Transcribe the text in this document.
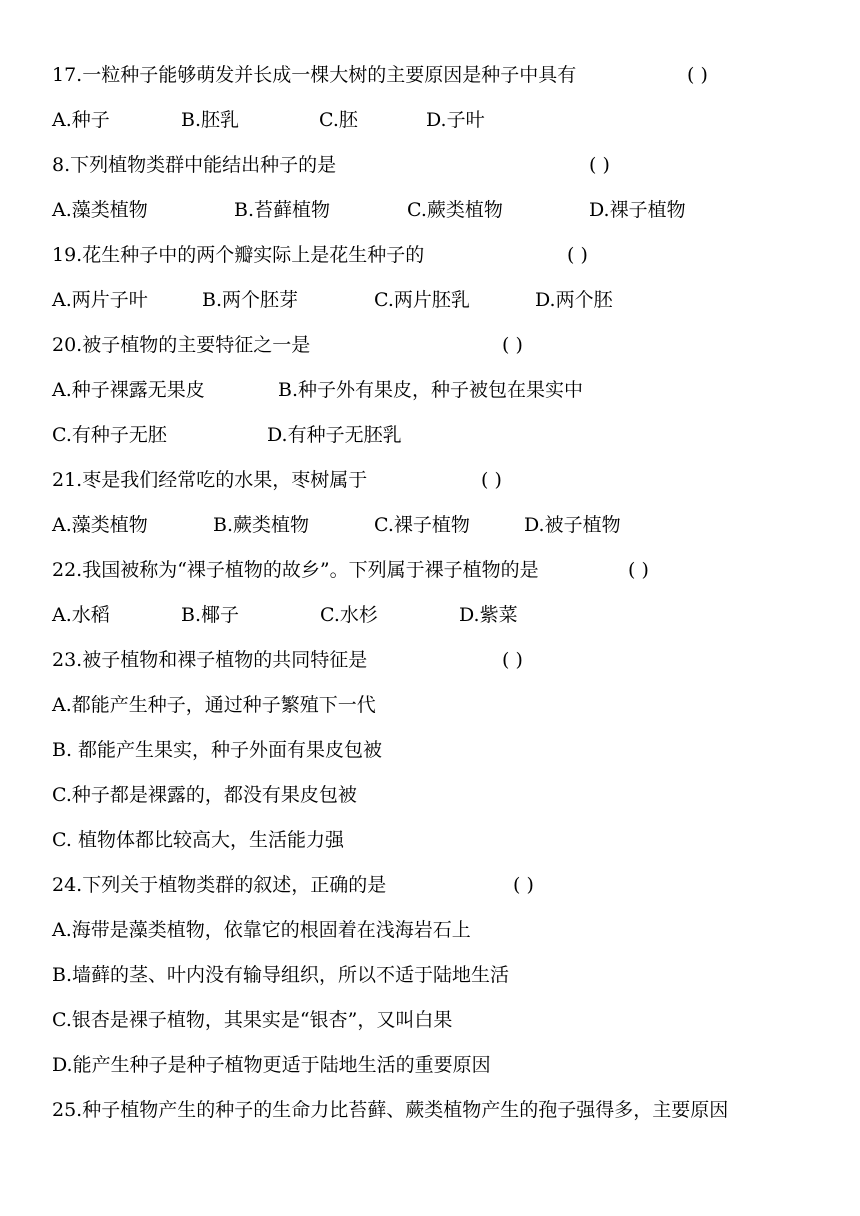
17.一粒种子能够萌发并长成一棵大树的主要原因是种子中具有	( )
A.种子	B.胚乳	C.胚	D.子叶
8.下列植物类群中能结出种子的是	( )
A.藻类植物	B.苔藓植物	C.蕨类植物	D.裸子植物
19.花生种子中的两个瓣实际上是花生种子的	( )
A.两片子叶	B.两个胚芽	C.两片胚乳	D.两个胚
20.被子植物的主要特征之一是	( )
A.种子裸露无果皮	B.种子外有果皮，种子被包在果实中
C.有种子无胚	D.有种子无胚乳
21.枣是我们经常吃的水果，枣树属于	( )
A.藻类植物	B.蕨类植物	C.裸子植物	D.被子植物
22.我国被称为“裸子植物的故乡”。下列属于裸子植物的是	( )
A.水稻	B.椰子	C.水杉	D.紫菜
23.被子植物和裸子植物的共同特征是	( )
A.都能产生种子，通过种子繁殖下一代
B. 都能产生果实，种子外面有果皮包被
C.种子都是裸露的，都没有果皮包被
C. 植物体都比较高大，生活能力强
24.下列关于植物类群的叙述，正确的是	( )
A.海带是藻类植物，依靠它的根固着在浅海岩石上
B.墙藓的茎、叶内没有输导组织，所以不适于陆地生活
C.银杏是裸子植物，其果实是“银杏”，又叫白果
D.能产生种子是种子植物更适于陆地生活的重要原因
25.种子植物产生的种子的生命力比苔藓、蕨类植物产生的孢子强得多，主要原因
